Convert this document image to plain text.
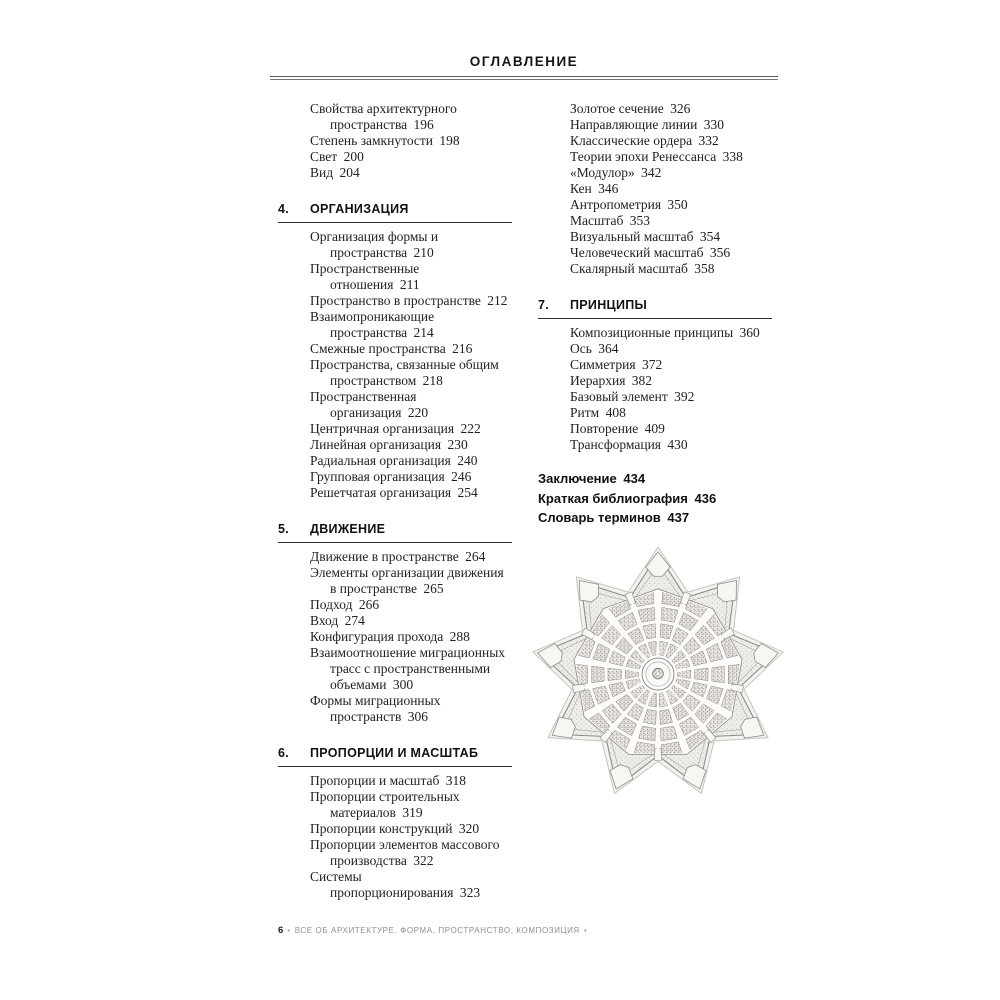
ОГЛАВЛЕНИЕ
Свойства архитектурного пространства 196
Степень замкнутости 198
Свет 200
Вид 204
4.	ОРГАНИЗАЦИЯ
Организация формы и пространства 210
Пространственные отношения 211
Пространство в пространстве 212
Взаимопроникающие пространства 214
Смежные пространства 216
Пространства, связанные общим пространством 218
Пространственная организация 220
Центричная организация 222
Линейная организация 230
Радиальная организация 240
Групповая организация 246
Решетчатая организация 254
5.	ДВИЖЕНИЕ
Движение в пространстве 264
Элементы организации движения в пространстве 265
Подход 266
Вход 274
Конфигурация прохода 288
Взаимоотношение миграционных трасс с пространственными объемами 300
Формы миграционных пространств 306
6.	ПРОПОРЦИИ И МАСШТАБ
Пропорции и масштаб 318
Пропорции строительных материалов 319
Пропорции конструкций 320
Пропорции элементов массового производства 322
Системы пропорционирования 323
Золотое сечение 326
Направляющие линии 330
Классические ордера 332
Теории эпохи Ренессанса 338
«Модулор» 342
Кен 346
Антропометрия 350
Масштаб 353
Визуальный масштаб 354
Человеческий масштаб 356
Скалярный масштаб 358
7.	ПРИНЦИПЫ
Композиционные принципы 360
Ось 364
Симметрия 372
Иерархия 382
Базовый элемент 392
Ритм 408
Повторение 409
Трансформация 430
Заключение 434
Краткая библиография 436
Словарь терминов 437
6 • ВСЕ ОБ АРХИТЕКТУРЕ. ФОРМА, ПРОСТРАНСТВО, КОМПОЗИЦИЯ •
